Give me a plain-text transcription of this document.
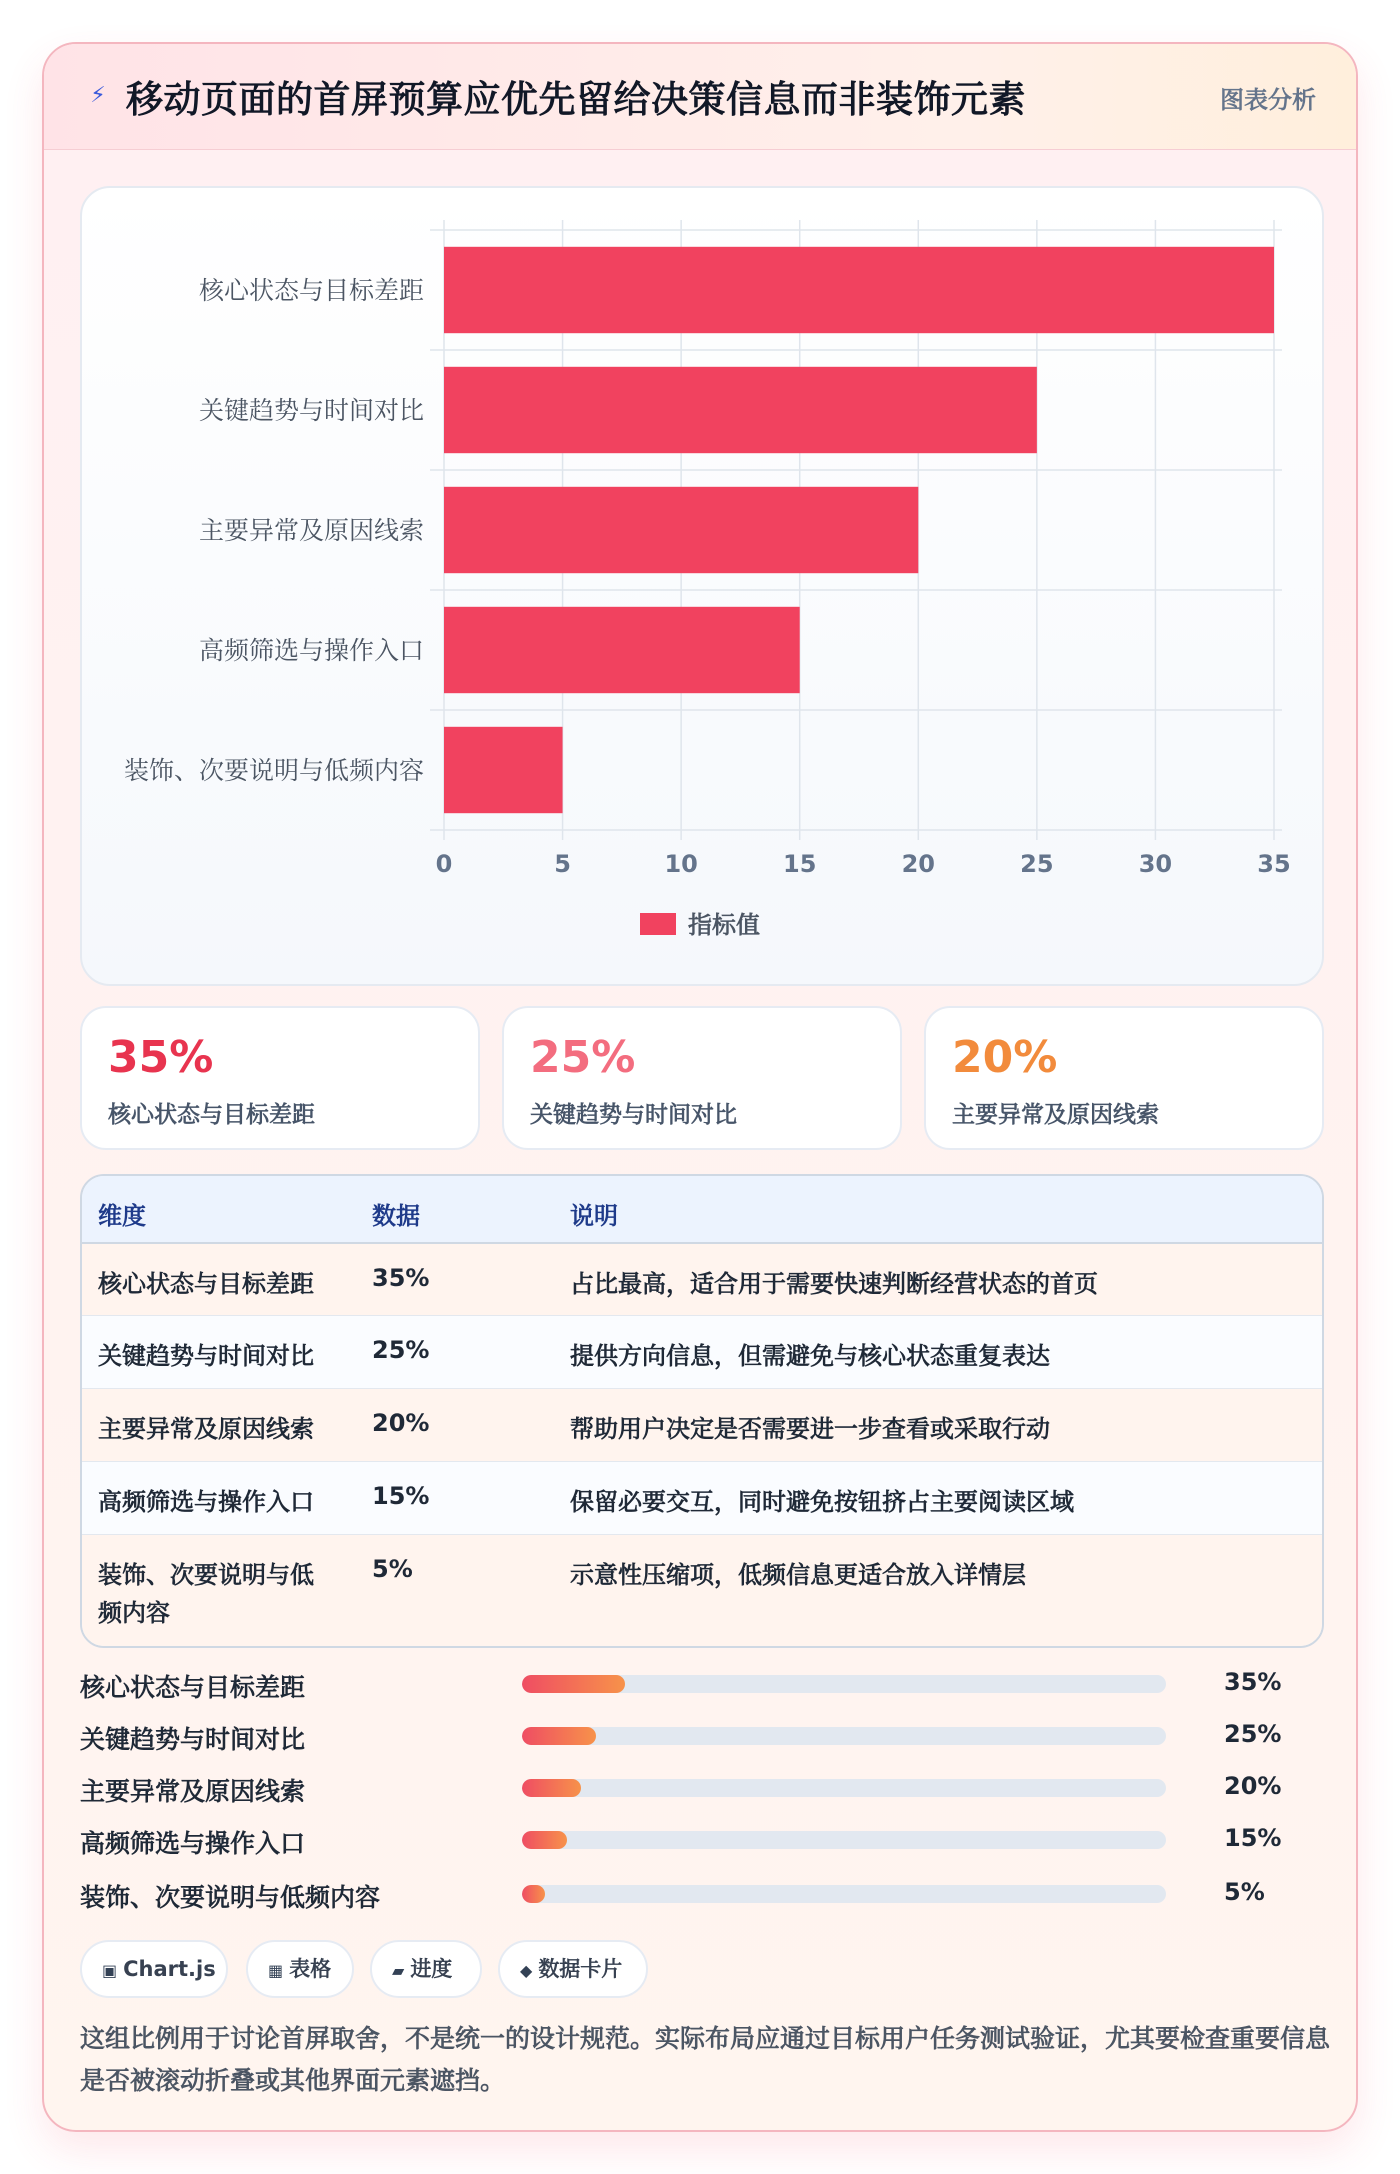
⚡ 移动页面的首屏预算应优先留给决策信息而非装饰元素	图表分析
0	5	10	15	20	25	30	35
核心状态与目标差距
关键趋势与时间对比
主要异常及原因线索
高频筛选与操作入口
装饰、次要说明与低频内容
指标值
35%
核心状态与目标差距
25%
关键趋势与时间对比
20%
主要异常及原因线索
维度	数据	说明
核心状态与目标差距 35%	占比最高，适合用于需要快速判断经营状态的首页
关键趋势与时间对比 25%	提供方向信息，但需避免与核心状态重复表达
主要异常及原因线索 20%	帮助用户决定是否需要进一步查看或采取行动
高频筛选与操作入口 15%	保留必要交互，同时避免按钮挤占主要阅读区域
装饰、次要说明与低
频内容
5%	示意性压缩项，低频信息更适合放入详情层
核心状态与目标差距	35%
关键趋势与时间对比	25%
主要异常及原因线索	20%
高频筛选与操作入口	15%
装饰、次要说明与低频内容	5%
▣ Chart.js	▦ 表格	▰ 进度	◆ 数据卡片
这组比例用于讨论首屏取舍，不是统一的设计规范。实际布局应通过目标用户任务测试验证，尤其要检查重要信息是否被滚动折叠或其他界面元素遮挡。
